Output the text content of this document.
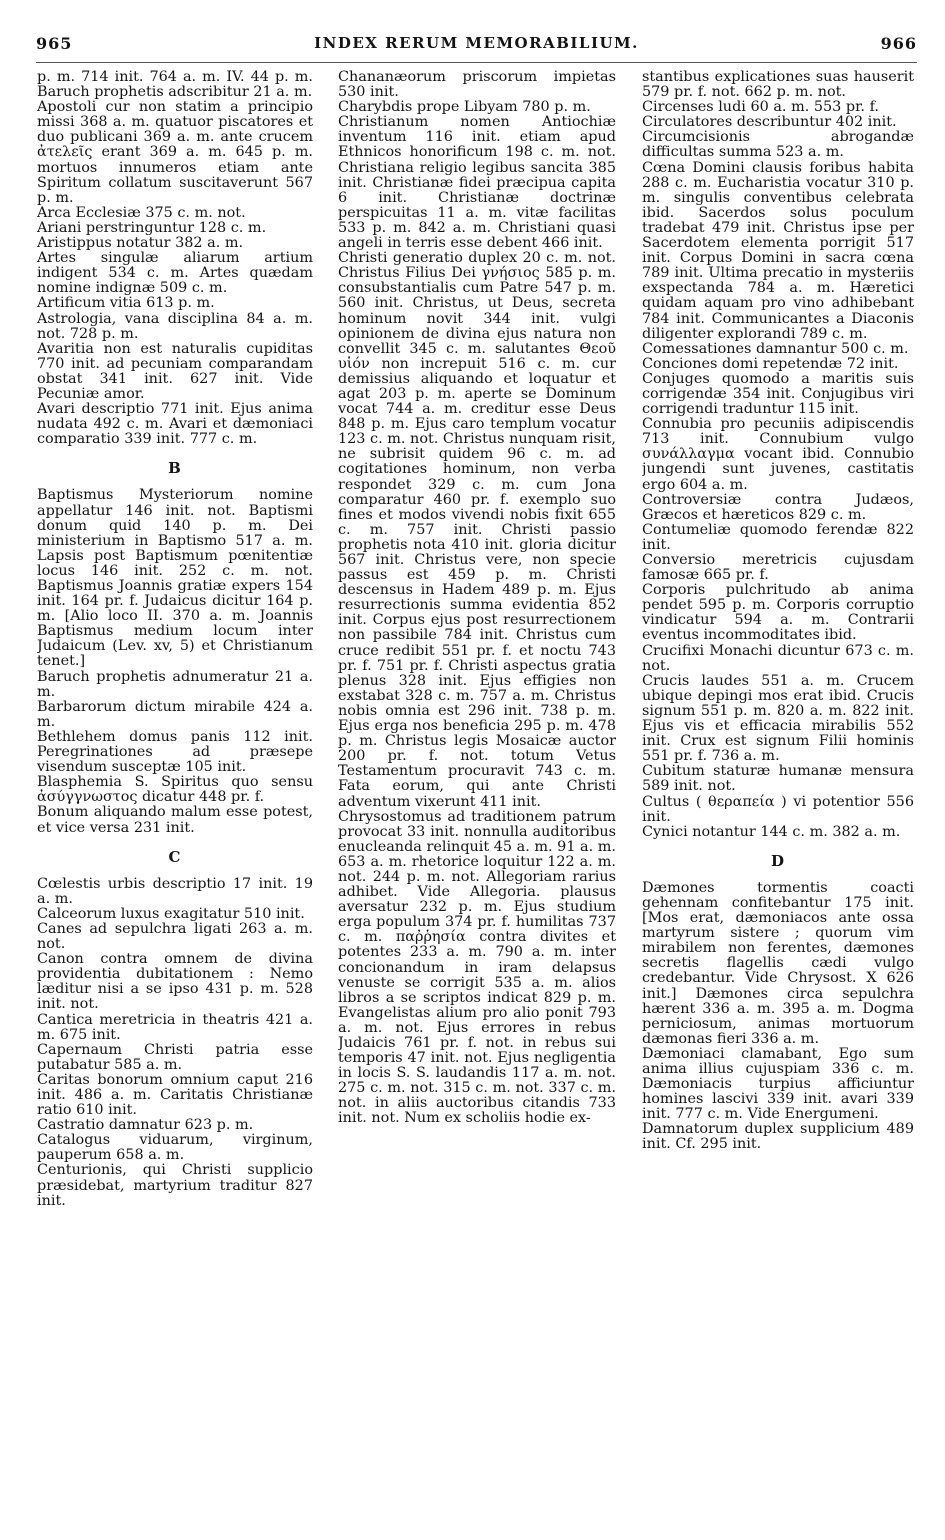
965	INDEX RERUM MEMORABILIUM.	966

p. m. 714 init. 764 a. m. IV. 44 p. m. Baruch prophetis adscribitur 21 a. m.

Apostoli cur non statim a principio missi 368 a. m. quatuor piscatores et duo publicani 369 a. m. ante crucem ἀτελεῖς erant 369 a. m. 645 p. m. mortuos innumeros etiam ante Spiritum collatum suscitaverunt 567 p. m.

Arca Ecclesiæ 375 c. m. not.

Ariani perstringuntur 128 c. m.

Aristippus notatur 382 a. m.

Artes singulæ aliarum artium indigent 534 c. m. Artes quædam nomine indignæ 509 c. m.

Artificum vitia 613 p. m.

Astrologia, vana disciplina 84 a. m. not. 728 p. m.

Avaritia non est naturalis cupiditas 770 init. ad pecuniam comparandam obstat 341 init. 627 init. Vide Pecuniæ amor.

Avari descriptio 771 init. Ejus anima nudata 492 c. m. Avari et dæmoniaci comparatio 339 init. 777 c. m.

B

Baptismus Mysteriorum nomine appellatur 146 init. not. Baptismi donum quid 140 p. m. Dei ministerium in Baptismo 517 a. m. Lapsis post Baptismum pœnitentiæ locus 146 init. 252 c. m. not. Baptismus Joannis gratiæ expers 154 init. 164 pr. f. Judaicus dicitur 164 p. m. [Alio loco II. 370 a. m. Joannis Baptismus medium locum inter Judaicum (Lev. xv, 5) et Christianum tenet.]

Baruch prophetis adnumeratur 21 a. m.

Barbarorum dictum mirabile 424 a. m.

Bethlehem domus panis 112 init. Peregrinationes ad præsepe visendum susceptæ 105 init.

Blasphemia S. Spiritus quo sensu ἀσύγγνωστος dicatur 448 pr. f.

Bonum aliquando malum esse potest, et vice versa 231 init.

C

Cœlestis urbis descriptio 17 init. 19 a. m.

Calceorum luxus exagitatur 510 init.

Canes ad sepulchra ligati 263 a. m. not.

Canon contra omnem de divina providentia dubitationem : Nemo læditur nisi a se ipso 431 p. m. 528 init. not.

Cantica meretricia in theatris 421 a. m. 675 init.

Capernaum Christi patria esse putabatur 585 a. m.

Caritas bonorum omnium caput 216 init. 486 a. m. Caritatis Christianæ ratio 610 init.

Castratio damnatur 623 p. m.

Catalogus viduarum, virginum, pauperum 658 a. m.

Centurionis, qui Christi supplicio præsidebat, martyrium traditur 827 init.

Chananæorum priscorum impietas 530 init.

Charybdis prope Libyam 780 p. m.

Christianum nomen Antiochiæ inventum 116 init. etiam apud Ethnicos honorificum 198 c. m. not. Christiana religio legibus sancita 385 init. Christianæ fidei præcipua capita 6 init. Christianæ doctrinæ perspicuitas 11 a. m. vitæ facilitas 533 p. m. 842 a. m. Christiani quasi angeli in terris esse debent 466 init.

Christi generatio duplex 20 c. m. not. Christus Filius Dei γνήσιος 585 p. m. consubstantialis cum Patre 547 p. m. 560 init. Christus, ut Deus, secreta hominum novit 344 init. vulgi opinionem de divina ejus natura non convellit 345 c. m. salutantes Θεοῦ υἱόν non increpuit 516 c. m. cur demissius aliquando et loquatur et agat 203 p. m. aperte se Dominum vocat 744 a. m. creditur esse Deus 848 p. m. Ejus caro templum vocatur 123 c. m. not. Christus nunquam risit, ne subrisit quidem 96 c. m. ad cogitationes hominum, non verba respondet 329 c. m. cum Jona comparatur 460 pr. f. exemplo suo fines et modos vivendi nobis fixit 655 c. m. 757 init. Christi passio prophetis nota 410 init. gloria dicitur 567 init. Christus vere, non specie passus est 459 p. m. Christi descensus in Hadem 489 p. m. Ejus resurrectionis summa evidentia 852 init. Corpus ejus post resurrectionem non passibile 784 init. Christus cum cruce redibit 551 pr. f. et noctu 743 pr. f. 751 pr. f. Christi aspectus gratia plenus 328 init. Ejus effigies non exstabat 328 c. m. 757 a. m. Christus nobis omnia est 296 init. 738 p. m. Ejus erga nos beneficia 295 p. m. 478 p. m. Christus legis Mosaicæ auctor 200 pr. f. not. totum Vetus Testamentum procuravit 743 c. m. Fata eorum, qui ante Christi adventum vixerunt 411 init.

Chrysostomus ad traditionem patrum provocat 33 init. nonnulla auditoribus enucleanda relinquit 45 a. m. 91 a. m. 653 a. m. rhetorice loquitur 122 a. m. not. 244 p. m. not. Allegoriam rarius adhibet. Vide Allegoria. plausus aversatur 232 p. m. Ejus studium erga populum 374 pr. f. humilitas 737 c. m. παῤῥησία contra divites et potentes 233 a. m. 790 a. m. inter concionandum in iram delapsus venuste se corrigit 535 a. m. alios libros a se scriptos indicat 829 p. m. Evangelistas alium pro alio ponit 793 a. m. not. Ejus errores in rebus Judaicis 761 pr. f. not. in rebus sui temporis 47 init. not. Ejus negligentia in locis S. S. laudandis 117 a. m. not. 275 c. m. not. 315 c. m. not. 337 c. m. not. in aliis auctoribus citandis 733 init. not. Num ex scholiis hodie ex-

stantibus explicationes suas hauserit 579 pr. f. not. 662 p. m. not.

Circenses ludi 60 a. m. 553 pr. f.

Circulatores describuntur 402 init.

Circumcisionis abrogandæ difficultas summa 523 a. m.

Cœna Domini clausis foribus habita 288 c. m. Eucharistia vocatur 310 p. m. singulis conventibus celebrata ibid. Sacerdos solus poculum tradebat 479 init. Christus ipse per Sacerdotem elementa porrigit 517 init. Corpus Domini in sacra cœna 789 init. Ultima precatio in mysteriis exspectanda 784 a. m. Hæretici quidam aquam pro vino adhibebant 784 init. Communicantes a Diaconis diligenter explorandi 789 c. m.

Comessationes damnantur 500 c. m.

Conciones domi repetendæ 72 init.

Conjuges quomodo a maritis suis corrigendæ 354 init. Conjugibus viri corrigendi traduntur 115 init.

Connubia pro pecuniis adipiscendis 713 init. Connubium vulgo συνάλλαγμα vocant ibid. Connubio jungendi sunt juvenes, castitatis ergo 604 a. m.

Controversiæ contra Judæos, Græcos et hæreticos 829 c. m.

Contumeliæ quomodo ferendæ 822 init.

Conversio meretricis cujusdam famosæ 665 pr. f.

Corporis pulchritudo ab anima pendet 595 p. m. Corporis corruptio vindicatur 594 a. m. Contrarii eventus incommoditates ibid.

Crucifixi Monachi dicuntur 673 c. m. not.

Crucis laudes 551 a. m. Crucem ubique depingi mos erat ibid. Crucis signum 551 p. m. 820 a. m. 822 init. Ejus vis et efficacia mirabilis 552 init. Crux est signum Filii hominis 551 pr. f. 736 a. m.

Cubitum staturæ humanæ mensura 589 init. not.

Cultus ( θεραπεία ) vi potentior 556 init.

Cynici notantur 144 c. m. 382 a. m.

D

Dæmones tormentis coacti gehennam confitebantur 175 init. [Mos erat, dæmoniacos ante ossa martyrum sistere ; quorum vim mirabilem non ferentes, dæmones secretis flagellis cædi vulgo credebantur. Vide Chrysost. X 626 init.] Dæmones circa sepulchra hærent 336 a. m. 395 a. m. Dogma perniciosum, animas mortuorum dæmonas fieri 336 a. m.

Dæmoniaci clamabant, Ego sum anima illius cujuspiam 336 c. m. Dæmoniacis turpius afficiuntur homines lascivi 339 init. avari 339 init. 777 c. m. Vide Energumeni.

Damnatorum duplex supplicium 489 init. Cf. 295 init.
